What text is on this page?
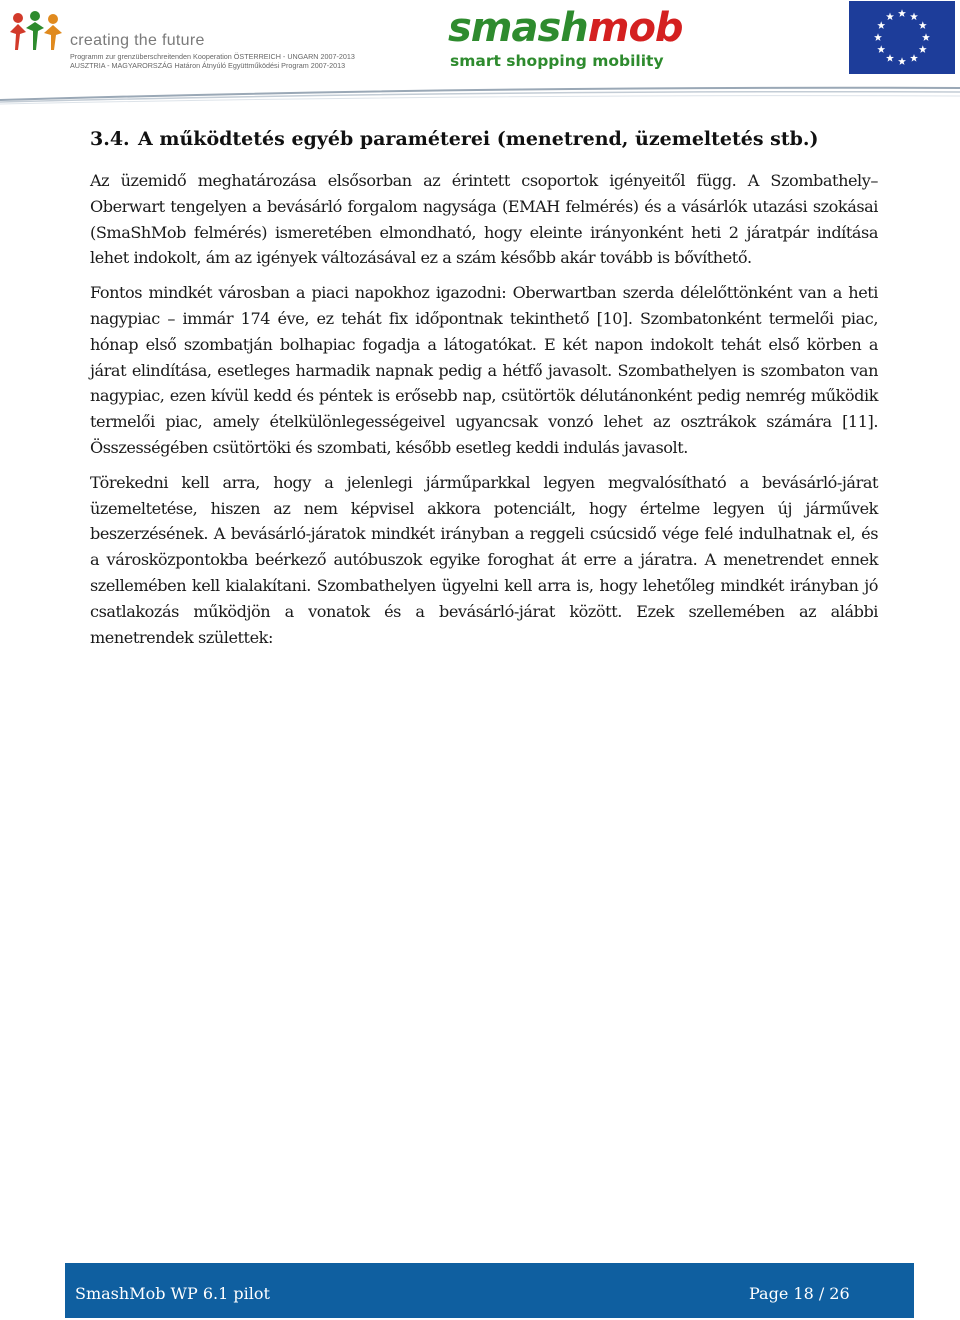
creating the future
Programm zur grenzüberschreitenden Kooperation ÖSTERREICH - UNGARN 2007-2013
AUSZTRIA - MAGYARORSZÁG Határon Átnyúló Együttműködési Program 2007-2013
smashmob
smart shopping mobility
3.4. A működtetés egyéb paraméterei (menetrend, üzemeltetés stb.)

Az üzemidő meghatározása elsősorban az érintett csoportok igényeitől függ. A Szombathely–Oberwart tengelyen a bevásárló forgalom nagysága (EMAH felmérés) és a vásárlók utazási szokásai (SmaShMob felmérés) ismeretében elmondható, hogy eleinte irányonként heti 2 járatpár indítása lehet indokolt, ám az igények változásával ez a szám később akár tovább is bővíthető.

Fontos mindkét városban a piaci napokhoz igazodni: Oberwartban szerda délelőttönként van a heti nagypiac – immár 174 éve, ez tehát fix időpontnak tekinthető [10]. Szombatonként termelői piac, hónap első szombatján bolhapiac fogadja a látogatókat. E két napon indokolt tehát első körben a járat elindítása, esetleges harmadik napnak pedig a hétfő javasolt. Szombathelyen is szombaton van nagypiac, ezen kívül kedd és péntek is erősebb nap, csütörtök délutánonként pedig nemrég működik termelői piac, amely ételkülönlegességeivel ugyancsak vonzó lehet az osztrákok számára [11]. Összességében csütörtöki és szombati, később esetleg keddi indulás javasolt.

Törekedni kell arra, hogy a jelenlegi járműparkkal legyen megvalósítható a bevásárló-járat üzemeltetése, hiszen az nem képvisel akkora potenciált, hogy értelme legyen új járművek beszerzésének. A bevásárló-járatok mindkét irányban a reggeli csúcsidő vége felé indulhatnak el, és a városközpontokba beérkező autóbuszok egyike foroghat át erre a járatra. A menetrendet ennek szellemében kell kialakítani. Szombathelyen ügyelni kell arra is, hogy lehetőleg mindkét irányban jó csatlakozás működjön a vonatok és a bevásárló-járat között. Ezek szellemében az alábbi menetrendek születtek:

SmashMob WP 6.1 pilot	Page 18 / 26
